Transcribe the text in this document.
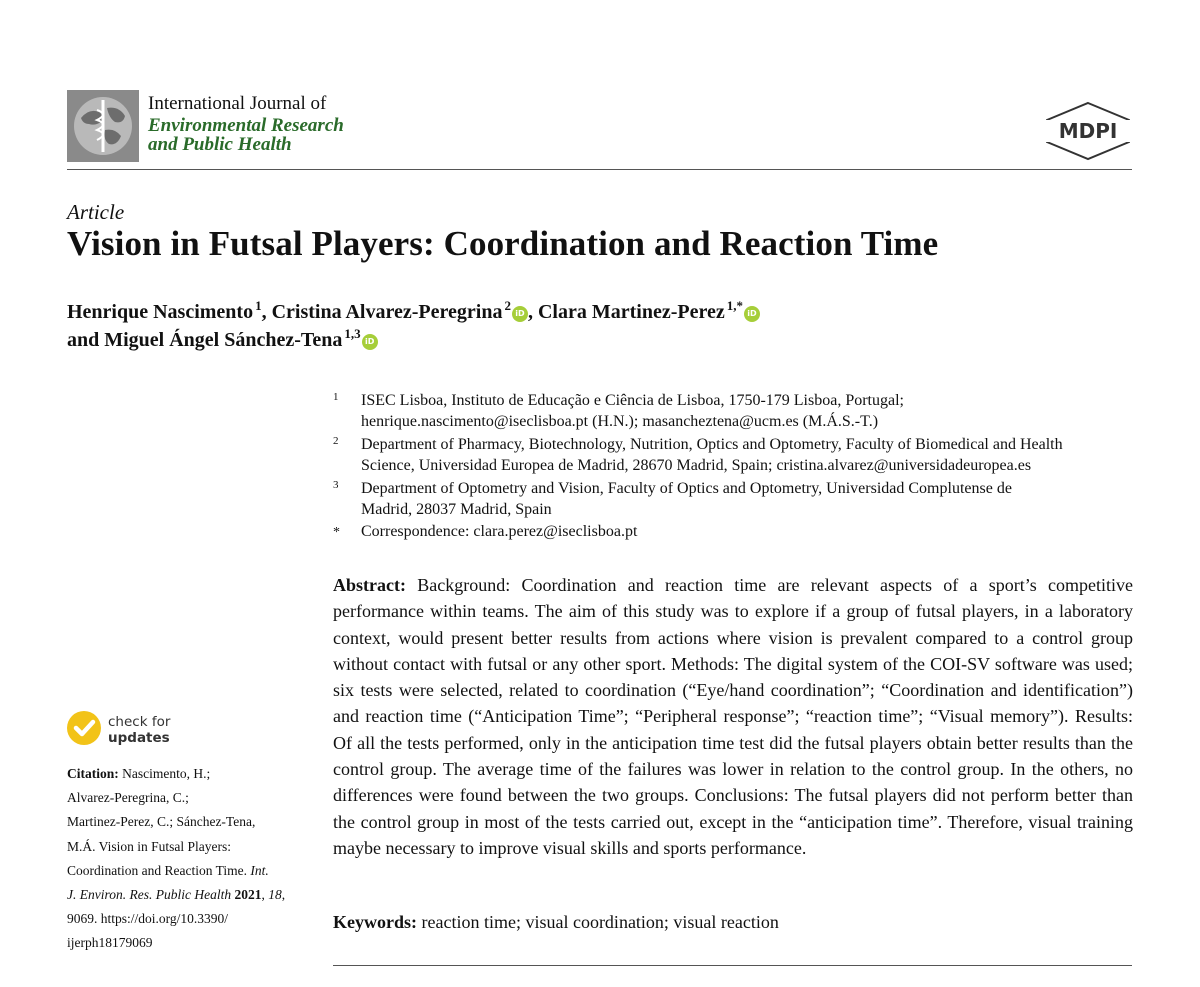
International Journal of
Environmental Research
and Public Health
MDPI
Article
Vision in Futsal Players: Coordination and Reaction Time
Henrique Nascimento $^1$, Cristina Alvarez-Peregrina $^2$iD , Clara Martinez-Perez $^{1,*}$iD
and Miguel Ángel Sánchez-Tena $^{1,3}$iD
1 ISEC Lisboa, Instituto de Educação e Ciência de Lisboa, 1750-179 Lisboa, Portugal;
henrique.nascimento@iseclisboa.pt (H.N.); masancheztena@ucm.es (M.Á.S.-T.)
2 Department of Pharmacy, Biotechnology, Nutrition, Optics and Optometry, Faculty of Biomedical and Health
Science, Universidad Europea de Madrid, 28670 Madrid, Spain; cristina.alvarez@universidadeuropea.es
3 Department of Optometry and Vision, Faculty of Optics and Optometry, Universidad Complutense de
Madrid, 28037 Madrid, Spain
* Correspondence: clara.perez@iseclisboa.pt
Abstract: Background: Coordination and reaction time are relevant aspects of a sport’s competitive performance within teams. The aim of this study was to explore if a group of futsal players, in a laboratory context, would present better results from actions where vision is prevalent compared to a control group without contact with futsal or any other sport. Methods: The digital system of the COI-SV software was used; six tests were selected, related to coordination (“Eye/hand coordination”; “Coordination and identification”) and reaction time (“Anticipation Time”; “Peripheral response”; “reaction time”; “Visual memory”). Results: Of all the tests performed, only in the anticipation time test did the futsal players obtain better results than the control group. The average time of the failures was lower in relation to the control group. In the others, no differences were found between the two groups. Conclusions: The futsal players did not perform better than the control group in most of the tests carried out, except in the “anticipation time”. Therefore, visual training maybe necessary to improve visual skills and sports performance.
Keywords: reaction time; visual coordination; visual reaction
check for
updates
Citation: Nascimento, H.;
Alvarez-Peregrina, C.;
Martinez-Perez, C.; Sánchez-Tena,
M.Á. Vision in Futsal Players:
Coordination and Reaction Time. Int.
J. Environ. Res. Public Health 2021, 18,
9069. https://doi.org/10.3390/
ijerph18179069
